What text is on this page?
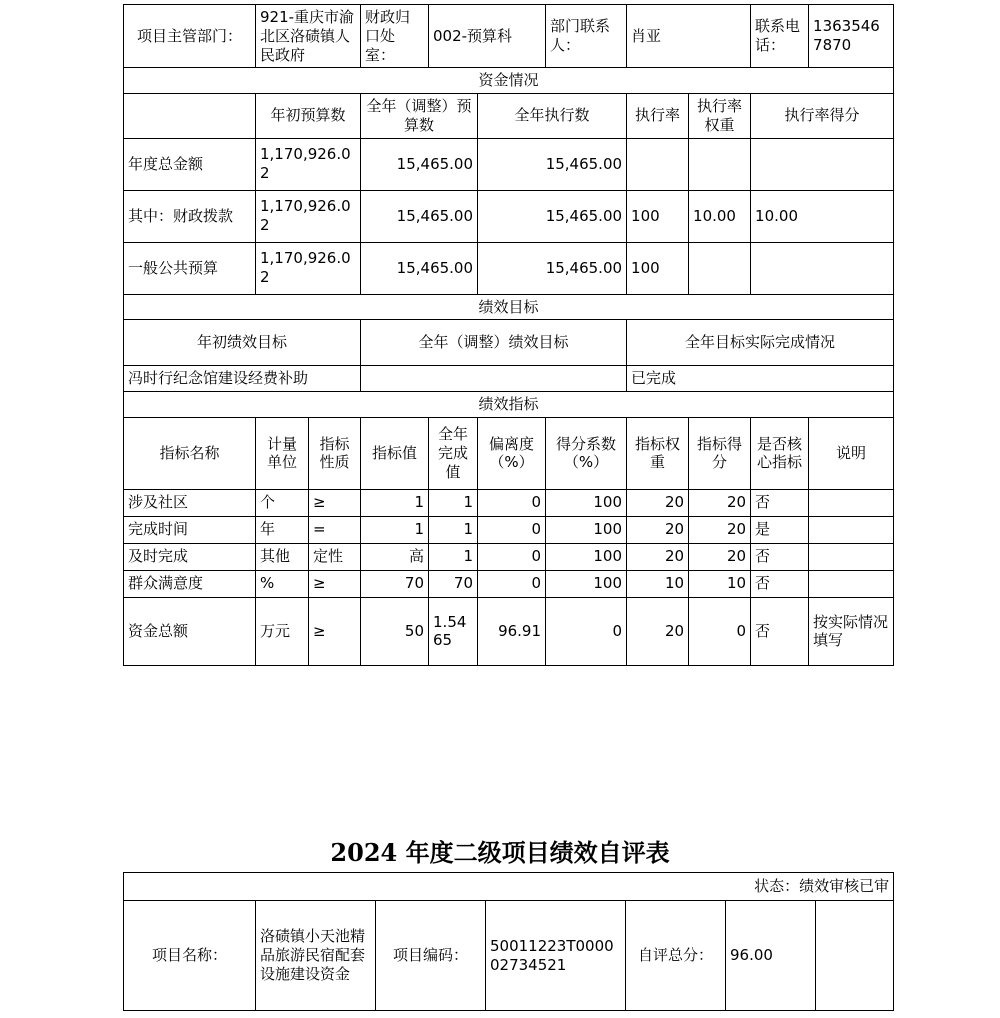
项目主管部门：	921-重庆市渝北区洛碛镇人民政府		财政归口处室：	002-预算科		部门联系人：	肖亚		联系电话：	13635467870
资金情况										
	年初预算数		全年（调整）预算数		全年执行数		执行率	执行率权重	执行率得分	
年度总金额	1,170,926.02		15,465.00		15,465.00					
其中：财政拨款	1,170,926.02		15,465.00		15,465.00		100	10.00	10.00	
一般公共预算	1,170,926.02		15,465.00		15,465.00		100			
绩效目标										
年初绩效目标			全年（调整）绩效目标				全年目标实际完成情况			
冯时行纪念馆建设经费补助							已完成			
绩效指标										
指标名称	计量单位	指标性质	指标值	全年完成值	偏离度（%）	得分系数（%）	指标权重	指标得分	是否核心指标	说明
涉及社区	个	≥	1	1	0	100	20	20	否	
完成时间	年	=	1	1	0	100	20	20	是	
及时完成	其他	定性	高	1	0	100	20	20	否	
群众满意度	%	≥	70	70	0	100	10	10	否	
资金总额	万元	≥	50	1.5465	96.91	0	20	0	否	按实际情况填写
2024 年度二级项目绩效自评表
状态：绩效审核已审
项目名称：	洛碛镇小天池精品旅游民宿配套设施建设资金	项目编码：	50011223T000002734521	自评总分：	96.00	
